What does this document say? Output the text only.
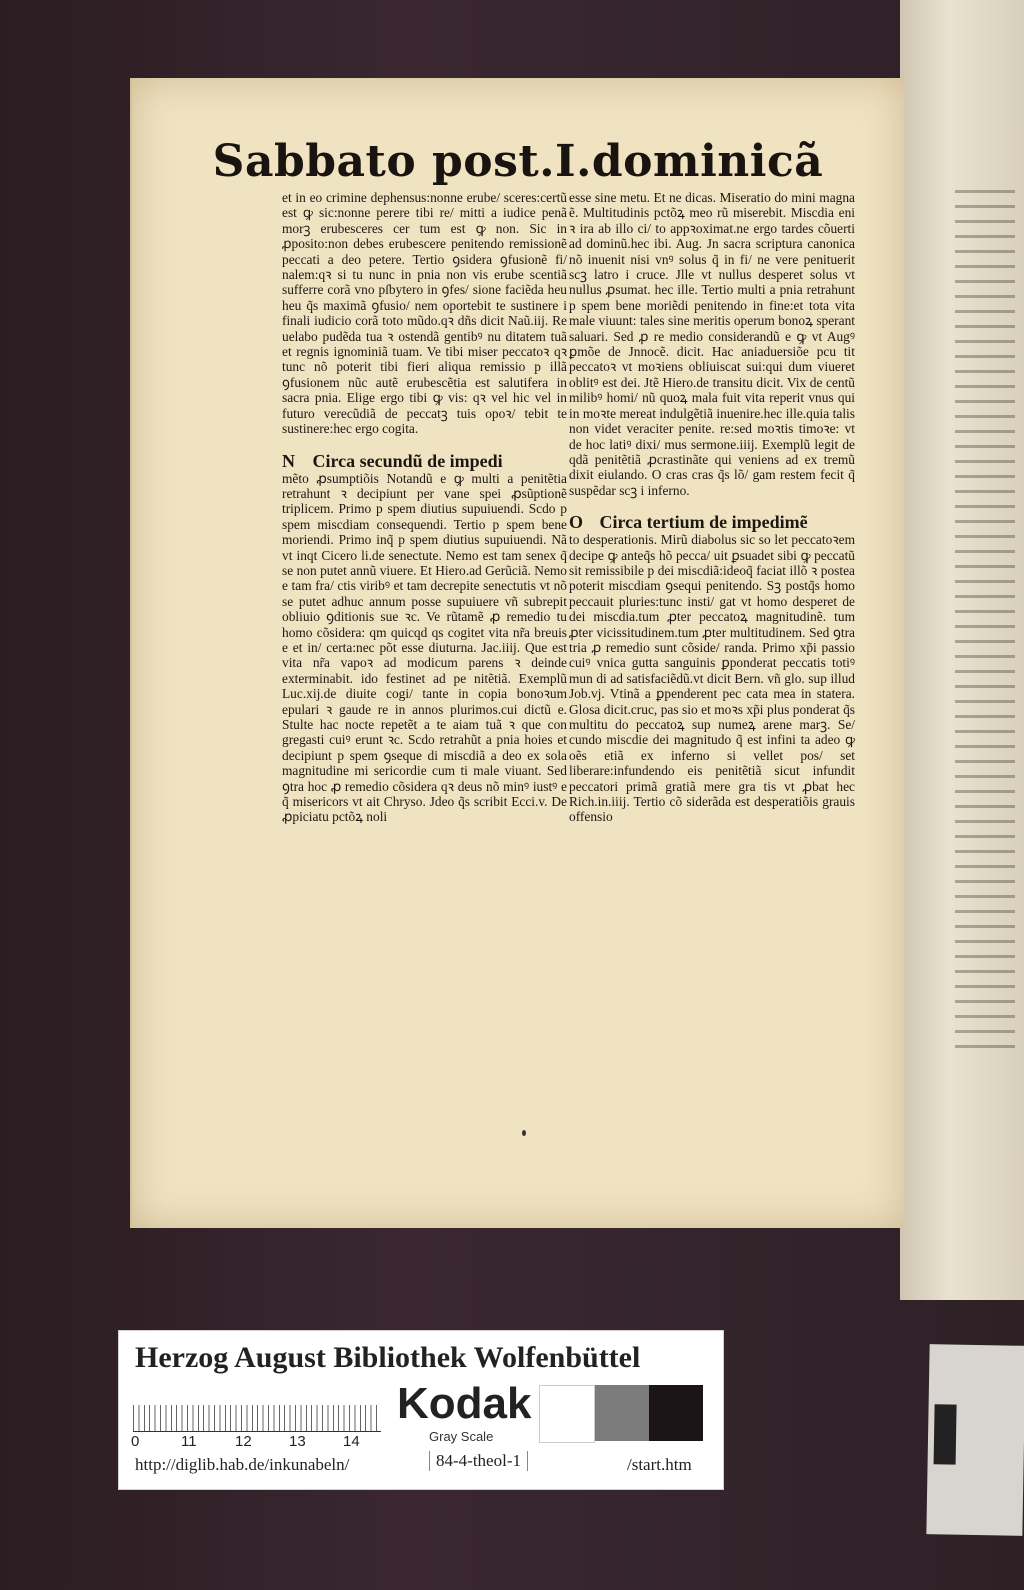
Sabbato post.I.dominicã

et in eo crimine dephensus:nonne erube/ sceres:certũ est ꝙ sic:nonne perere tibi re/ mitti a iudice penã morꝫ erubesceres cer tum est ꝙ non. Sic in ꝓposito:non debes erubescere penitendo remissionẽ peccati a deo petere. Tertio ꝯsidera ꝯfusionẽ fi/ nalem:qꝛ si tu nunc in pnia non vis erube scentiã sufferre corã vno pſbytero in ꝯfes/ sione faciẽda heu heu q̃s maximã ꝯfusio/ nem oportebit te sustinere i finali iudicio corã toto mũdo.qꝛ dñs dicit Naũ.iij. Re uelabo pudẽda tua ꝛ ostendã gentibꝰ nu ditatem tuã et regnis ignominiã tuam. Ve tibi miser peccatoꝛ qꝛ tunc nõ poterit tibi fieri aliqua remissio p illã ꝯfusionem nũc autẽ erubescẽtia est salutifera in sacra pnia. Elige ergo tibi ꝙ vis: qꝛ vel hic vel in futuro verecũdiã de peccatꝫ tuis opoꝛ/ tebit te sustinere:hec ergo cogita.

N Circa secundũ de impedi

mẽto ꝓsumptiõis Notandũ e ꝙ multi a penitẽtia retrahunt ꝛ decipiunt per vane spei ꝓsũptionẽ triplicem. Primo p spem diutius supuiuendi. Scdo p spem miscdiam consequendi. Tertio p spem bene moriendi. Primo inq̃ p spem diutius supuiuendi. Nã vt inqt Cicero li.de senectute. Nemo est tam senex q̃ se non putet annũ viuere. Et Hiero.ad Gerũciã. Nemo e tam fra/ ctis viribꝰ et tam decrepite senectutis vt nõ se putet adhuc annum posse supuiuere vñ subrepit obliuio ꝯditionis sue ꝛc. Ve rũtamẽ ꝓ remedio tu homo cõsidera: qm quicqd qs cogitet vita nr̃a breuis e et in/ certa:nec põt esse diuturna. Jac.iiij. Que est vita nr̃a vapoꝛ ad modicum parens ꝛ deinde exterminabit. ido festinet ad pe nitẽtiã. Exemplũ Luc.xij.de diuite cogi/ tante in copia bonoꝛum epulari ꝛ gaude re in annos plurimos.cui dictũ e. Stulte hac nocte repetẽt a te aiam tuã ꝛ que con gregasti cuiꝰ erunt ꝛc. Scdo retrahũt a pnia hoies et decipiunt p spem ꝯseque di miscdiã a deo ex sola magnitudine mi sericordie cum ti male viuant. Sed ꝯtra hoc ꝓ remedio cõsidera qꝛ deus nõ minꝰ iustꝰ e q̃ misericors vt ait Chryso. Jdeo q̃s scribit Ecci.v. De ꝓpiciatu pctõꝝ noli

esse sine metu. Et ne dicas. Miseratio do mini magna ẽ. Multitudinis pctõꝝ meo rũ miserebit. Miscdia eni ꝛ ira ab illo ci/ to appꝛoximat.ne ergo tardes cõuerti ad dominũ.hec ibi. Aug. Jn sacra scriptura canonica nõ inuenit nisi vnꝰ solus q̃ in fi/ ne vere penituerit scꝫ latro i cruce. Jlle vt nullus desperet solus vt nullus ꝓsumat. hec ille. Tertio multi a pnia retrahunt p spem bene moriẽdi penitendo in fine:et tota vita male viuunt: tales sine meritis operum bonoꝝ sperant saluari. Sed ꝓ re medio considerandũ e ꝙ vt Augꝰ ꝑmõe de Jnnocẽ. dicit. Hac aniaduersiõe pcu tit peccatoꝛ vt moꝛiens obliuiscat sui:qui dum viueret oblitꝰ est dei. Jtẽ Hiero.de transitu dicit. Vix de centũ milibꝰ homi/ nũ quoꝝ mala fuit vita reperit vnus qui in moꝛte mereat indulgẽtiã inuenire.hec ille.quia talis non videt veraciter penite. re:sed moꝛtis timoꝛe: vt de hoc latiꝰ dixi/ mus sermone.iiij. Exemplũ legit de qdã penitẽtiã ꝓcrastinãte qui veniens ad ex tremũ dixit eiulando. O cras cras q̃s lõ/ gam restem fecit q̃ suspẽdar scꝫ i inferno.

O Circa tertium de impedimẽ

to desperationis. Mirũ diabolus sic so let peccatoꝛem decipe ꝙ anteq̃s hõ pecca/ uit ꝑsuadet sibi ꝙ peccatũ sit remissibile p dei miscdiã:ideoq̃ faciat illõ ꝛ postea poterit miscdiam ꝯsequi penitendo. Sꝫ postq̃s homo peccauit pluries:tunc insti/ gat vt homo desperet de dei miscdia.tum ꝓter peccatoꝝ magnitudinẽ. tum ꝓter vicissitudinem.tum ꝓter multitudinem. Sed ꝯtra tria ꝓ remedio sunt cõside/ randa. Primo xp̃i passio cuiꝰ vnica gutta sanguinis ꝑponderat peccatis totiꝰ mun di ad satisfaciẽdũ.vt dicit Bern. vñ glo. sup illud Job.vj. Vtinã a ꝑpenderent pec cata mea in statera. Glosa dicit.cruc, pas sio et moꝛs xp̃i plus ponderat q̃s multitu do peccatoꝝ sup numeꝝ arene marꝫ. Se/ cundo miscdie dei magnitudo q̃ est infini ta adeo ꝙ oẽs etiã ex inferno si vellet pos/ set liberare:infundendo eis penitẽtiã sicut infundit peccatori primã gratiã mere gra tis vt ꝓbat hec Rich.in.iiij. Tertio cõ siderãda est desperatiõis grauis offensio

Herzog August Bibliothek Wolfenbüttel
0	11	12 13 14
Kodak
Gray Scale
http://diglib.hab.de/inkunabeln/	84-4-theol-1	/start.htm
